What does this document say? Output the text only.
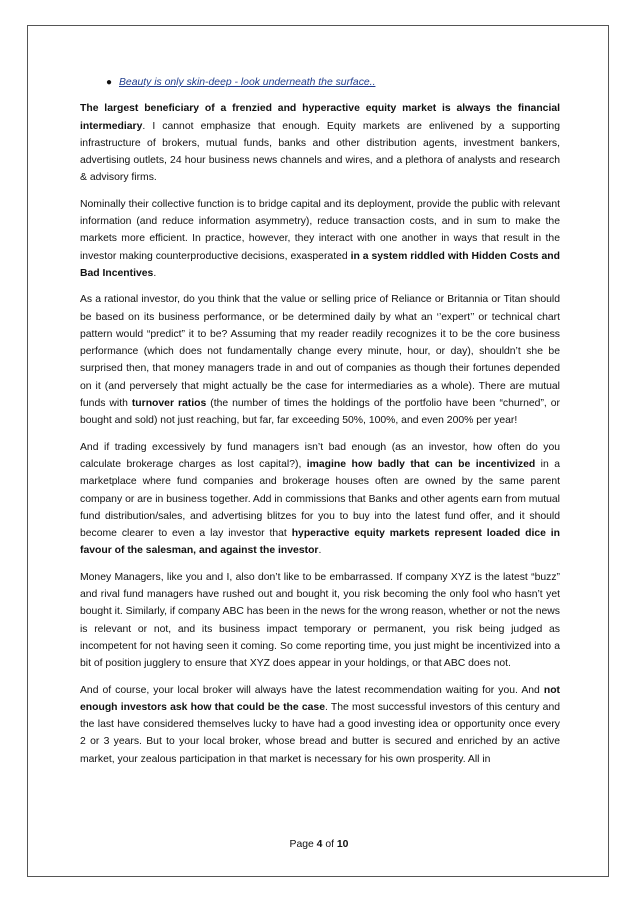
● Beauty is only skin-deep - look underneath the surface..

The largest beneficiary of a frenzied and hyperactive equity market is always the financial intermediary. I cannot emphasize that enough. Equity markets are enlivened by a supporting infrastructure of brokers, mutual funds, banks and other distribution agents, investment bankers, advertising outlets, 24 hour business news channels and wires, and a plethora of analysts and research & advisory firms.

Nominally their collective function is to bridge capital and its deployment, provide the public with relevant information (and reduce information asymmetry), reduce transaction costs, and in sum to make the markets more efficient. In practice, however, they interact with one another in ways that result in the investor making counterproductive decisions, exasperated in a system riddled with Hidden Costs and Bad Incentives.

As a rational investor, do you think that the value or selling price of Reliance or Britannia or Titan should be based on its business performance, or be determined daily by what an ‘’expert’’ or technical chart pattern would “predict” it to be? Assuming that my reader readily recognizes it to be the core business performance (which does not fundamentally change every minute, hour, or day), shouldn’t she be surprised then, that money managers trade in and out of companies as though their fortunes depended on it (and perversely that might actually be the case for intermediaries as a whole). There are mutual funds with turnover ratios (the number of times the holdings of the portfolio have been “churned”, or bought and sold) not just reaching, but far, far exceeding 50%, 100%, and even 200% per year!

And if trading excessively by fund managers isn’t bad enough (as an investor, how often do you calculate brokerage charges as lost capital?), imagine how badly that can be incentivized in a marketplace where fund companies and brokerage houses often are owned by the same parent company or are in business together. Add in commissions that Banks and other agents earn from mutual fund distribution/sales, and advertising blitzes for you to buy into the latest fund offer, and it should become clearer to even a lay investor that hyperactive equity markets represent loaded dice in favour of the salesman, and against the investor.

Money Managers, like you and I, also don’t like to be embarrassed. If company XYZ is the latest “buzz” and rival fund managers have rushed out and bought it, you risk becoming the only fool who hasn’t yet bought it. Similarly, if company ABC has been in the news for the wrong reason, whether or not the news is relevant or not, and its business impact temporary or permanent, you risk being judged as incompetent for not having seen it coming. So come reporting time, you just might be incentivized into a bit of position jugglery to ensure that XYZ does appear in your holdings, or that ABC does not.

And of course, your local broker will always have the latest recommendation waiting for you. And not enough investors ask how that could be the case. The most successful investors of this century and the last have considered themselves lucky to have had a good investing idea or opportunity once every 2 or 3 years. But to your local broker, whose bread and butter is secured and enriched by an active market, your zealous participation in that market is necessary for his own prosperity. All in

Page 4 of 10
